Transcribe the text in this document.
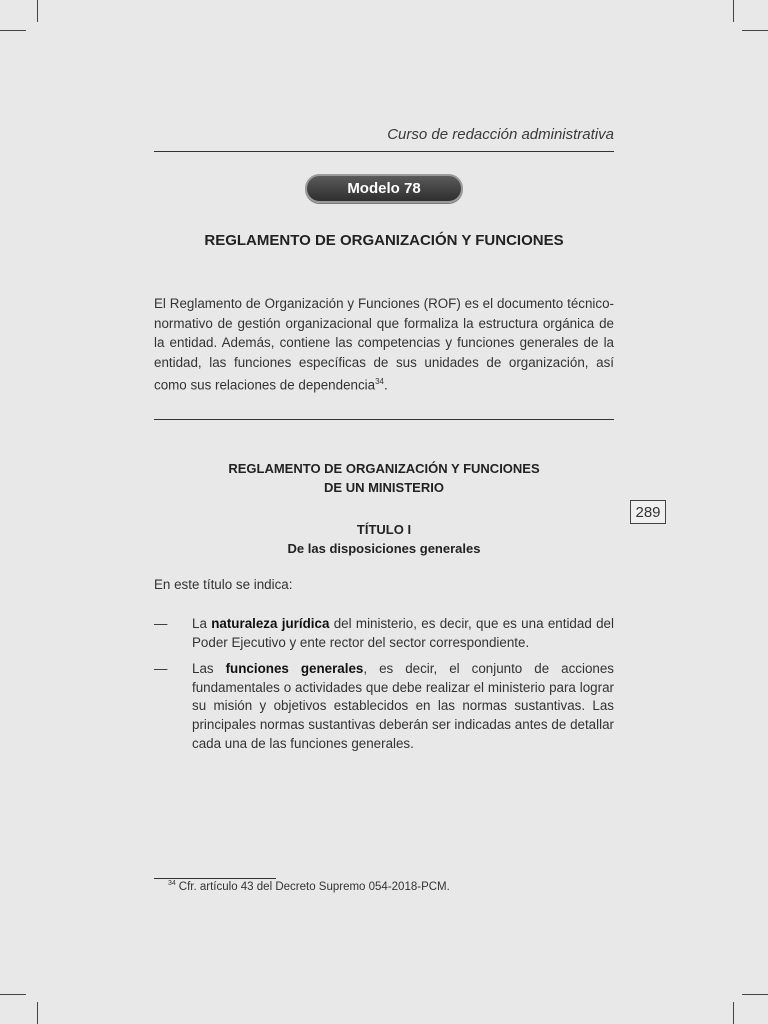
Curso de redacción administrativa
Modelo 78
REGLAMENTO DE ORGANIZACIÓN Y FUNCIONES
El Reglamento de Organización y Funciones (ROF) es el documento técnico-normativo de gestión organizacional que formaliza la estructura orgánica de la entidad. Además, contiene las competencias y funciones generales de la entidad, las funciones específicas de sus unidades de organización, así como sus relaciones de dependencia$^{34}$.
REGLAMENTO DE ORGANIZACIÓN Y FUNCIONES
DE UN MINISTERIO
289
TÍTULO I
De las disposiciones generales
En este título se indica:
— La naturaleza jurídica del ministerio, es decir, que es una entidad del Poder Ejecutivo y ente rector del sector correspondiente.
— Las funciones generales, es decir, el conjunto de acciones fundamentales o actividades que debe realizar el ministerio para lograr su misión y objetivos establecidos en las normas sustantivas. Las principales normas sustantivas deberán ser indicadas antes de detallar cada una de las funciones generales.
$^{34}$ Cfr. artículo 43 del Decreto Supremo 054-2018-PCM.
